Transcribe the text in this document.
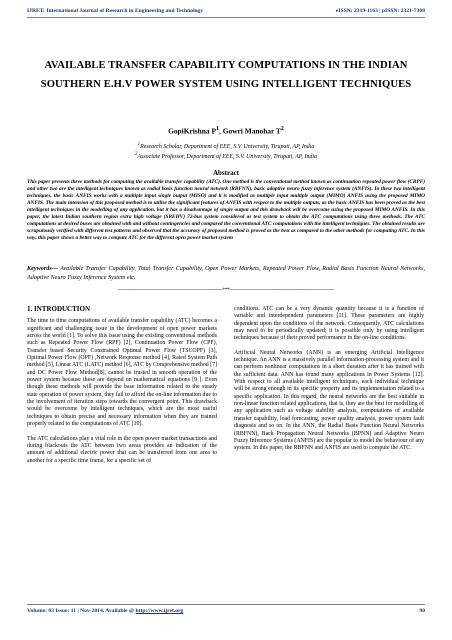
IJRET: International Journal of Research in Engineering and Technology	eISSN: 2319-1163 | pISSN: 2321-7308
AVAILABLE TRANSFER CAPABILITY COMPUTATIONS IN THE INDIAN SOUTHERN E.H.V POWER SYSTEM USING INTELLIGENT TECHNIQUES
GopiKrishna $P^1$, Gowri Manohar $T^2$
$^1$Research Scholar, Department of EEE, S.V. University, Tirupati, AP, India
$^2$Associate Professor, Department of EEE, S.V. University, Tirupati, AP, India
Abstract
This paper presents three methods for computing the available transfer capability (ATC). One method is the conventional method known as continuation repeated power flow (CRPF) and other two are the intelligent techniques known as radial basis function neural network (RBFNN), basic adaptive neuro fuzzy inference system (ANFIS). In these two intelligent techniques, the basic ANFIS works with a multiple input single output (MISO) and it is modified as multiple input multiple output (MIMO) ANFIS using the proposed MIMO ANFIS. The main intension of this proposed method is to utilise the significant features of ANFIS with respect to the multiple outputs, as the basic ANFIS has been proved as the best intelligent techniques in the modelling of any application, but it has a disadvantage of single output and this drawback will be overcome using the proposed MIMO ANFIS. In this paper, the latest Indian southern region extra high voltage (SREHV) 72-bus system considered as test system to obtain the ATC computations using three methods. The ATC computations at desired buses are obtained with and without contingencies and compared the conventional ATC computations with the intelligent techniques. The obtained results are scrupulously verified with different test patterns and observed that the accuracy of proposed method is proved as the best as compared to the other methods for computing ATC. In this way, this paper shows a better way to compute ATC for the different open power market system
Keywords— Available Transfer Capability, Total Transfer Capability, Open Power Markets, Repeated Power Flow, Radial Basis Function Neural Networks, Adaptive Neuro Fuzzy Inference System etc.
----------------------------------------------------------------------***----------------------------------------------------------------------
1. INTRODUCTION

The time to time computations of available transfer capability (ATC) becomes a significant and challenging issue in the development of open power markets across the world [1]. To solve this issue using the existing conventional methods such as Repeated Power Flow (RPF) [2], Continuation Power Flow (CPF), Transfer based Security Constrained Optimal Power Flow (TSCOPF) [3], Optimal Power Flow (OPF) ,Network Response method [4], Rated System Path method [5], Linear ATC (LATC) method [6], ATC by Comprehensive method [7] and DC Power Flow Method[8], cannot be trusted in smooth operation of the power system because these are depend on mathematical equations [9 ]. Even though these methods will provide the base information related to the steady state operation of power system, they fail to afford the on-line information due to the involvement of iteration steps towards the convergent point. This drawback would be overcome by intelligent techniques, which are the most useful techniques to obtain precise and necessary information when they are trained properly related to the computations of ATC [10].

The ATC calculations play a vital role in the open power market transactions and during blackouts the ATC between two areas provides an indication of the amount of additional electric power that can be transferred from one area to another for a specific time frame, for a specific set of

conditions. ATC can be a very dynamic quantity because it is a function of variable and interdependent parameters [11]. These parameters are highly dependent upon the conditions of the network. Consequently, ATC calculations may need to be periodically updated; it is possible only by using intelligent techniques because of their proved performance in the on-line conditions.

Artificial Neural Networks (ANN) is an emerging Artificial Intelligence technique. An ANN is a massively parallel information-processing system and it can perform nonlinear computations in a short duration after it has trained with the sufficient data. ANN has found many applications in Power Systems [12]. With respect to all available intelligent techniques, each individual technique will be strong enough in its specific property and its implementation related to a specific application. In this regard, the neural networks are the best suitable in non-linear function related applications, that is, they are the best for modelling of any application such as voltage stability analysis, computations of available transfer capability, load forecasting, power quality analysis, power system fault diagnosis and so on. In the ANN, the Radial Basis Function Neural Networks (RBFNN), Back Propagation Neural Networks (BPNN) and Adaptive Neuro Fuzzy Inference Systems (ANFIS) are the popular to model the behaviour of any system. In this paper, the RBFNN and ANFIS are used to compute the ATC.

Volume: 03 Issue: 11 | Nov-2014, Available @ http://www.ijret.org	90
